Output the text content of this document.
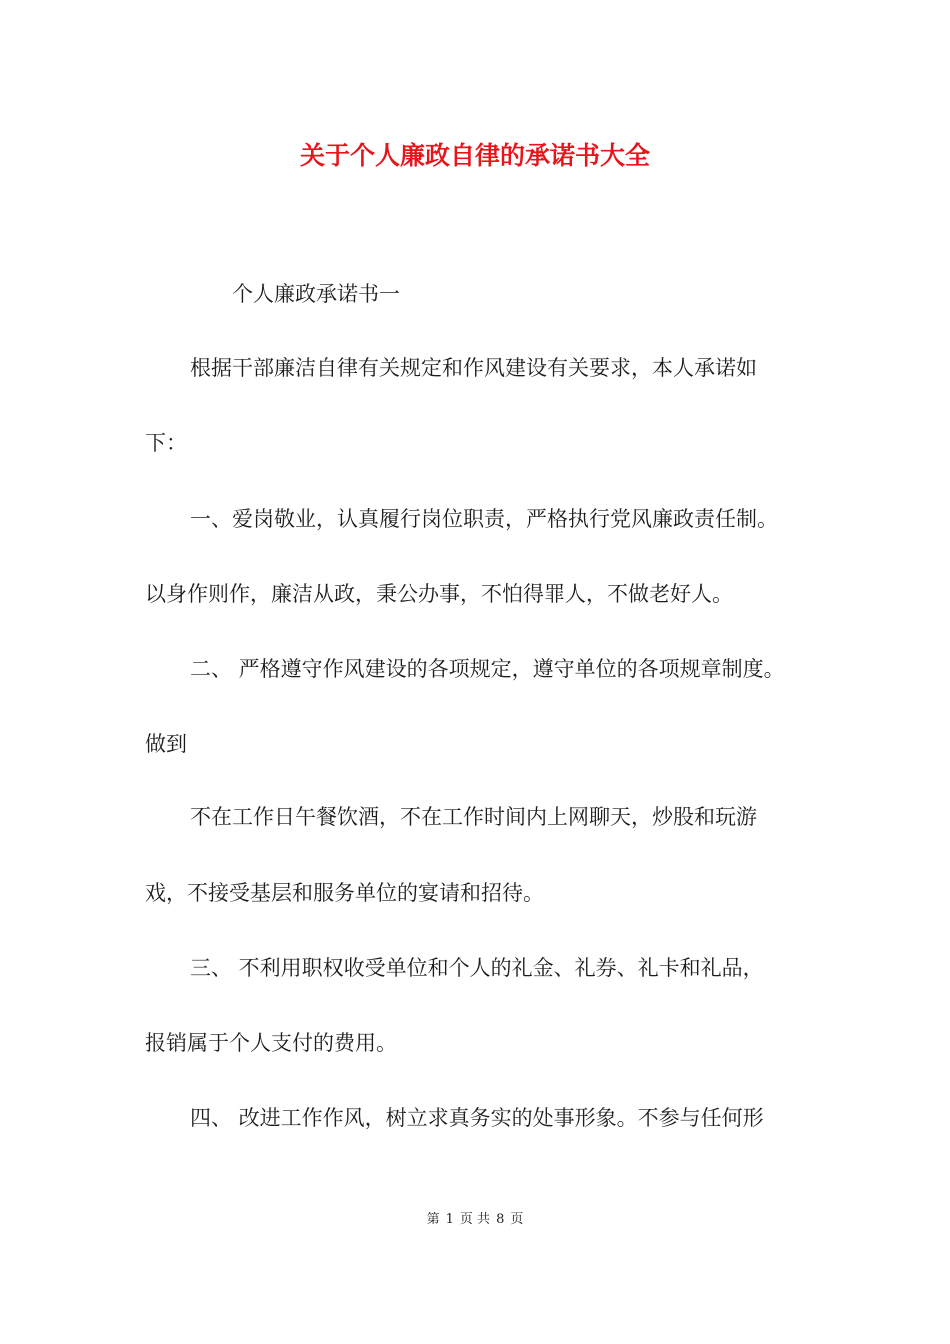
关于个人廉政自律的承诺书大全
个人廉政承诺书一
根据干部廉洁自律有关规定和作风建设有关要求，本人承诺如
下：
一、爱岗敬业，认真履行岗位职责，严格执行党风廉政责任制。
以身作则作，廉洁从政，秉公办事，不怕得罪人，不做老好人。
二、 严格遵守作风建设的各项规定，遵守单位的各项规章制度。
做到
不在工作日午餐饮酒，不在工作时间内上网聊天，炒股和玩游
戏，不接受基层和服务单位的宴请和招待。
三、 不利用职权收受单位和个人的礼金、礼券、礼卡和礼品，
报销属于个人支付的费用。
四、 改进工作作风，树立求真务实的处事形象。不参与任何形
第 1 页 共 8 页
